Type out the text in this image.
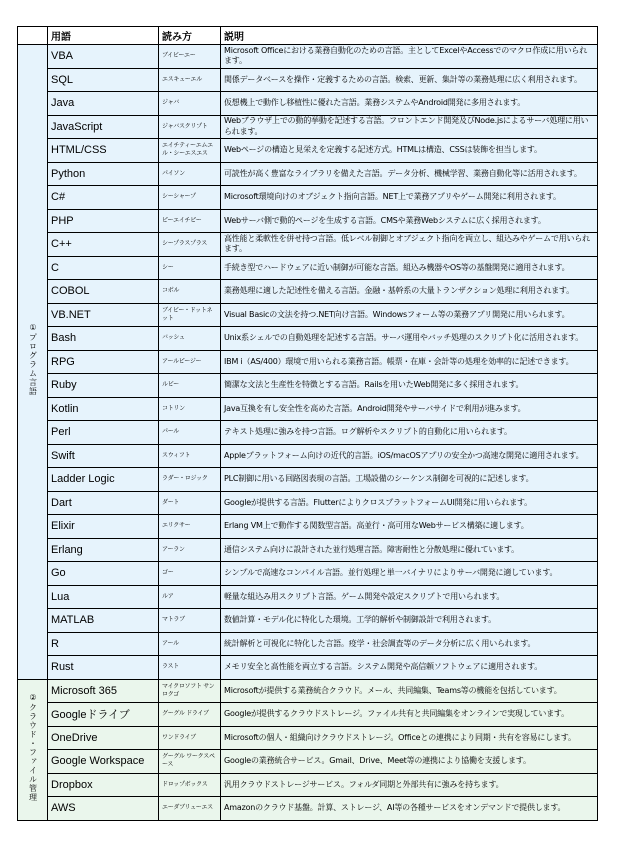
	用語	読み方	説明
①プログラム言語	VBA	ブイビーエー	Microsoft Officeにおける業務自動化のための言語。主としてExcelやAccessでのマクロ作成に用いられます。
	SQL	エスキューエル	関係データベースを操作・定義するための言語。検索、更新、集計等の業務処理に広く利用されます。
	Java	ジャバ	仮想機上で動作し移植性に優れた言語。業務システムやAndroid開発に多用されます。
	JavaScript	ジャバスクリプト	Webブラウザ上での動的挙動を記述する言語。フロントエンド開発及びNode.jsによるサーバ処理に用いられます。
	HTML/CSS	エイチティーエムエル・シーエスエス	Webページの構造と見栄えを定義する記述方式。HTMLは構造、CSSは装飾を担当します。
	Python	パイソン	可読性が高く豊富なライブラリを備えた言語。データ分析、機械学習、業務自動化等に活用されます。
	C#	シーシャープ	Microsoft環境向けのオブジェクト指向言語。NET上で業務アプリやゲーム開発に利用されます。
	PHP	ピーエイチピー	Webサーバ側で動的ページを生成する言語。CMSや業務Webシステムに広く採用されます。
	C++	シープラスプラス	高性能と柔軟性を併せ持つ言語。低レベル制御とオブジェクト指向を両立し、組込みやゲームで用いられます。
	C	シー	手続き型でハードウェアに近い制御が可能な言語。組込み機器やOS等の基盤開発に適用されます。
	COBOL	コボル	業務処理に適した記述性を備える言語。金融・基幹系の大量トランザクション処理に利用されます。
	VB.NET	ブイビー・ドットネット	Visual Basicの文法を持つ.NET向け言語。Windowsフォーム等の業務アプリ開発に用いられます。
	Bash	バッシュ	Unix系シェルでの自動処理を記述する言語。サーバ運用やバッチ処理のスクリプト化に活用されます。
	RPG	アールピージー	IBM i（AS/400）環境で用いられる業務言語。帳票・在庫・会計等の処理を効率的に記述できます。
	Ruby	ルビー	簡潔な文法と生産性を特徴とする言語。Railsを用いたWeb開発に多く採用されます。
	Kotlin	コトリン	Java互換を有し安全性を高めた言語。Android開発やサーバサイドで利用が進みます。
	Perl	パール	テキスト処理に強みを持つ言語。ログ解析やスクリプト的自動化に用いられます。
	Swift	スウィフト	Appleプラットフォーム向けの近代的言語。iOS/macOSアプリの安全かつ高速な開発に適用されます。
	Ladder Logic	ラダー・ロジック	PLC制御に用いる回路図表現の言語。工場設備のシーケンス制御を可視的に記述します。
	Dart	ダート	Googleが提供する言語。FlutterによりクロスプラットフォームUI開発に用いられます。
	Elixir	エリクサー	Erlang VM上で動作する関数型言語。高並行・高可用なWebサービス構築に適します。
	Erlang	アーラン	通信システム向けに設計された並行処理言語。障害耐性と分散処理に優れています。
	Go	ゴー	シンプルで高速なコンパイル言語。並行処理と単一バイナリによりサーバ開発に適しています。
	Lua	ルア	軽量な組込み用スクリプト言語。ゲーム開発や設定スクリプトで用いられます。
	MATLAB	マトラブ	数値計算・モデル化に特化した環境。工学的解析や制御設計で利用されます。
	R	アール	統計解析と可視化に特化した言語。疫学・社会調査等のデータ分析に広く用いられます。
	Rust	ラスト	メモリ安全と高性能を両立する言語。システム開発や高信頼ソフトウェアに適用されます。
②クラウド・ファイル管理	Microsoft 365	マイクロソフト サンロクゴ	Microsoftが提供する業務統合クラウド。メール、共同編集、Teams等の機能を包括しています。
	Googleドライブ	グーグル ドライブ	Googleが提供するクラウドストレージ。ファイル共有と共同編集をオンラインで実現しています。
	OneDrive	ワンドライブ	Microsoftの個人・組織向けクラウドストレージ。Officeとの連携により同期・共有を容易にします。
	Google Workspace	グーグル ワークスペース	Googleの業務統合サービス。Gmail、Drive、Meet等の連携により協働を支援します。
	Dropbox	ドロップボックス	汎用クラウドストレージサービス。フォルダ同期と外部共有に強みを持ちます。
	AWS	エーダブリューエス	Amazonのクラウド基盤。計算、ストレージ、AI等の各種サービスをオンデマンドで提供します。
